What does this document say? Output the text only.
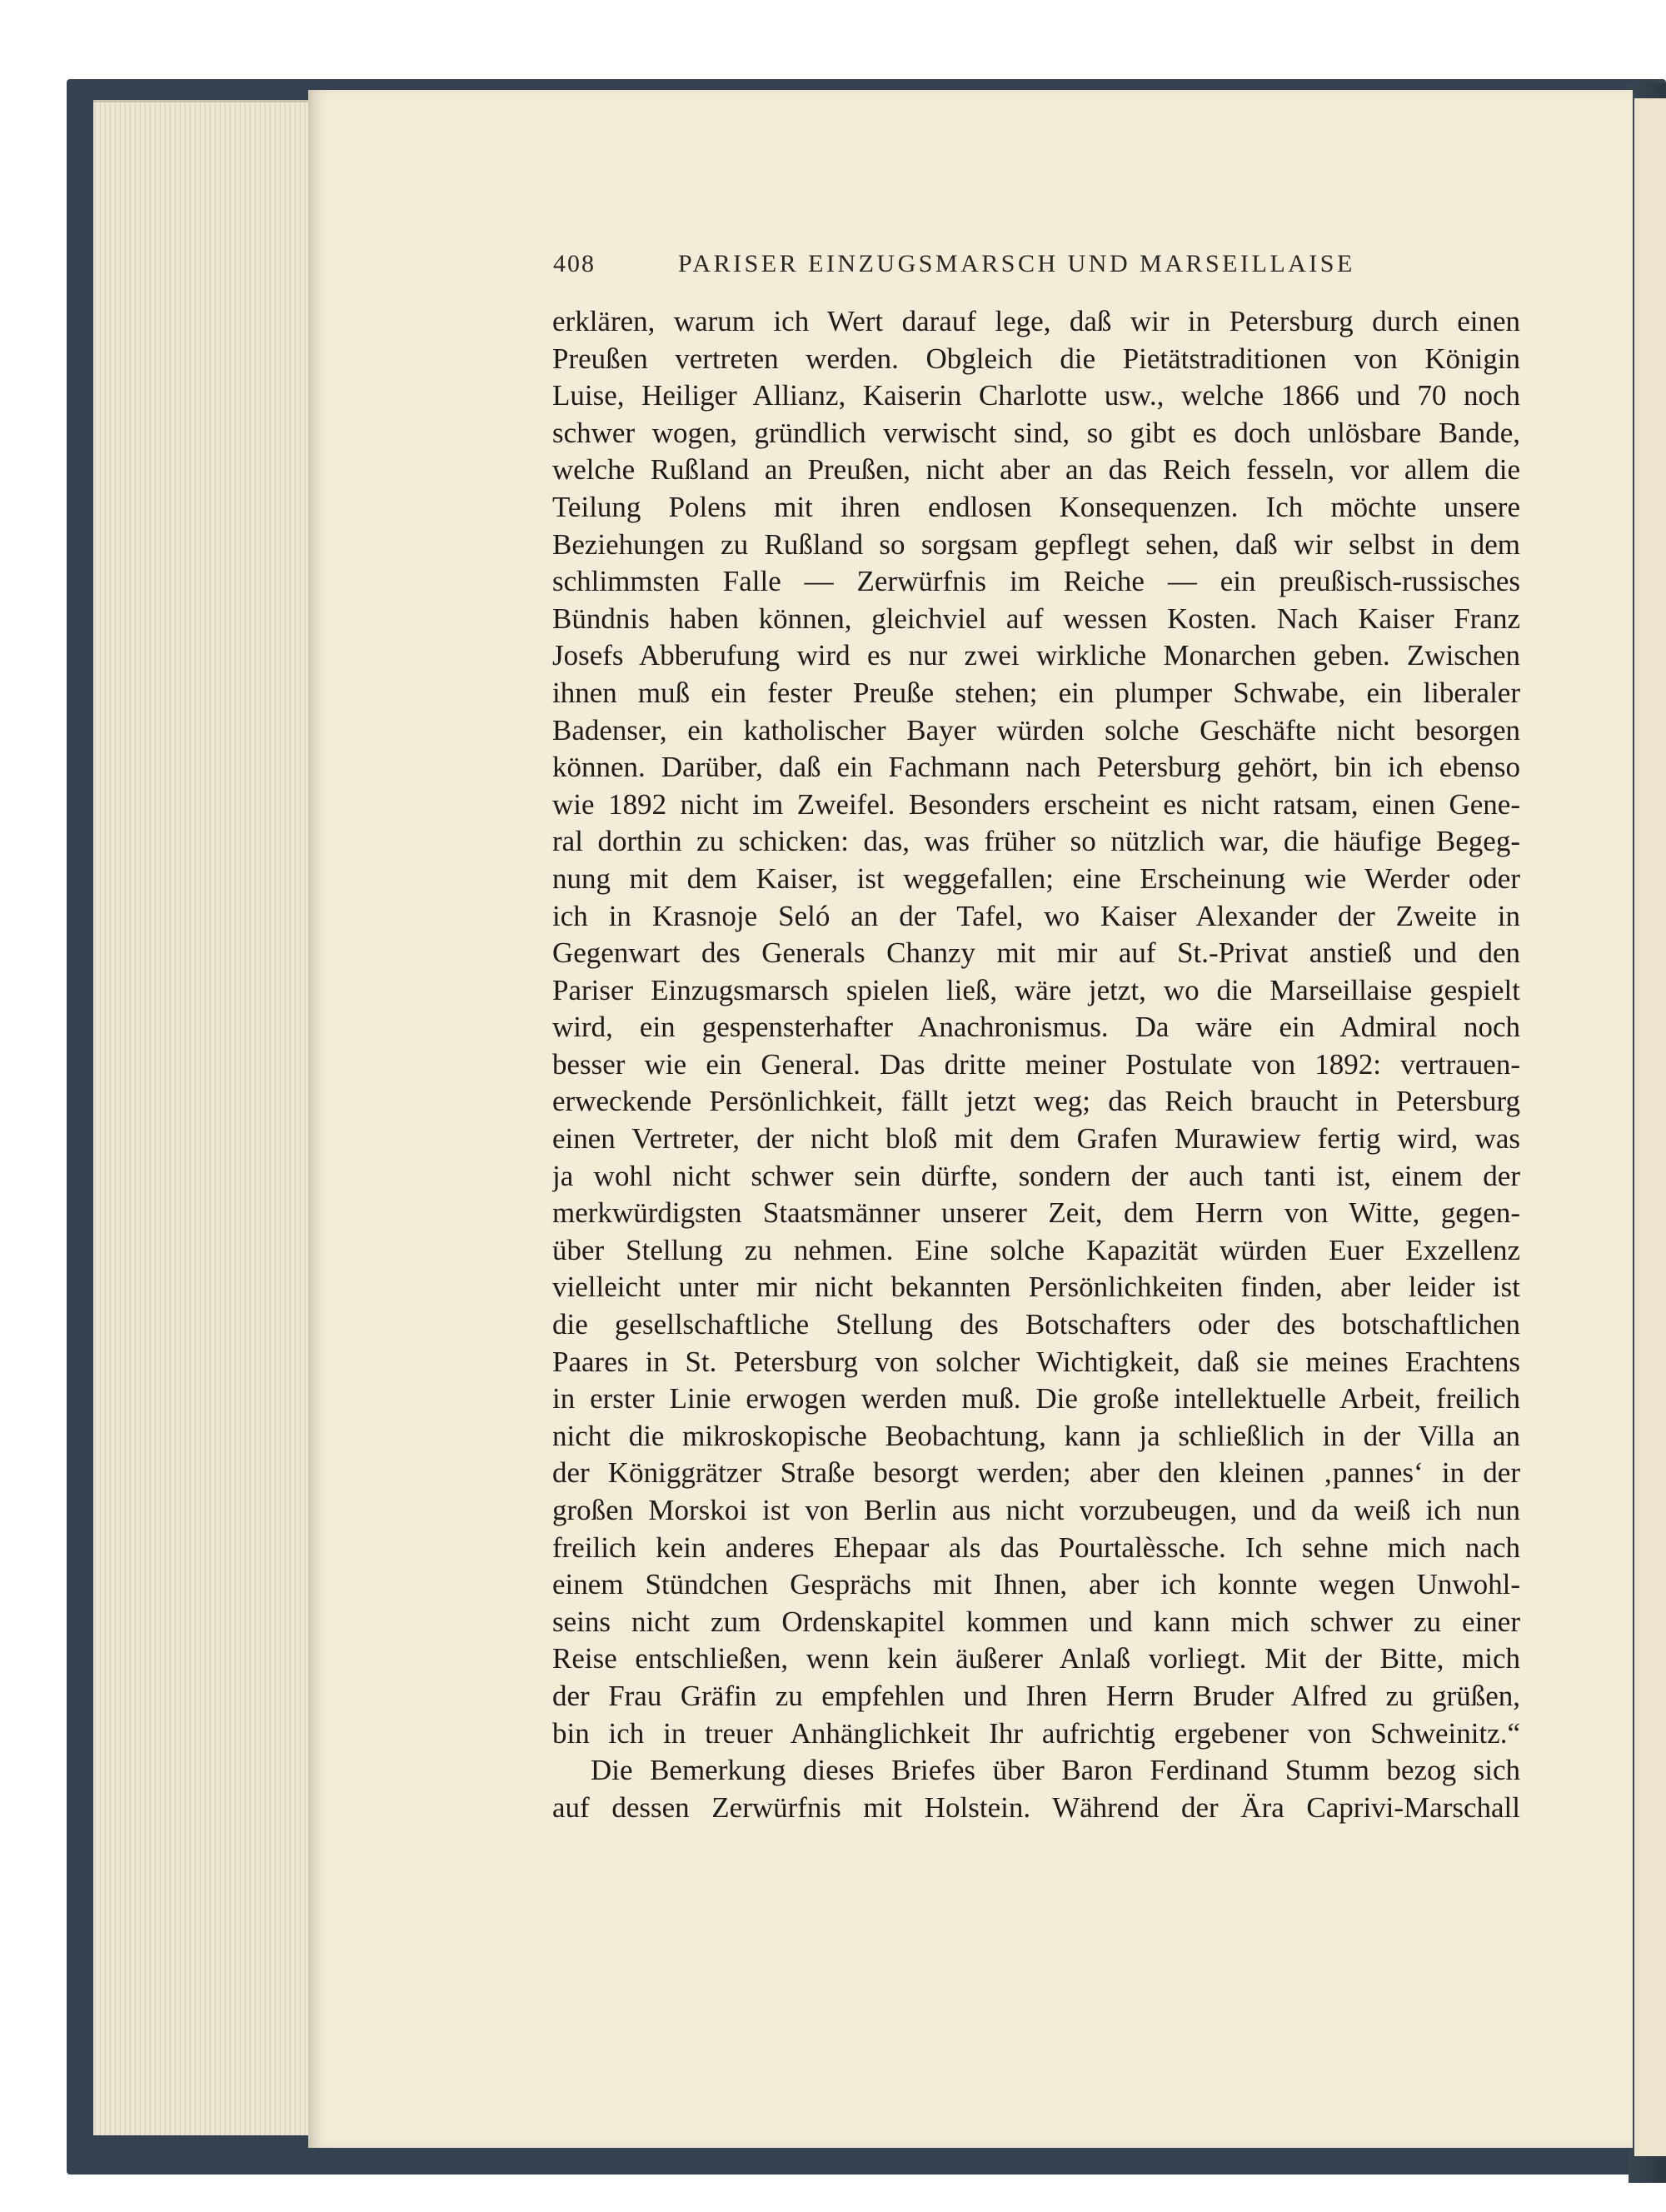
408	PARISER EINZUGSMARSCH UND MARSEILLAISE
erklären, warum ich Wert darauf lege, daß wir in Petersburg durch einen
Preußen vertreten werden. Obgleich die Pietätstraditionen von Königin
Luise, Heiliger Allianz, Kaiserin Charlotte usw., welche 1866 und 70 noch
schwer wogen, gründlich verwischt sind, so gibt es doch unlösbare Bande,
welche Rußland an Preußen, nicht aber an das Reich fesseln, vor allem die
Teilung Polens mit ihren endlosen Konsequenzen. Ich möchte unsere
Beziehungen zu Rußland so sorgsam gepflegt sehen, daß wir selbst in dem
schlimmsten Falle — Zerwürfnis im Reiche — ein preußisch-russisches
Bündnis haben können, gleichviel auf wessen Kosten. Nach Kaiser Franz
Josefs Abberufung wird es nur zwei wirkliche Monarchen geben. Zwischen
ihnen muß ein fester Preuße stehen; ein plumper Schwabe, ein liberaler
Badenser, ein katholischer Bayer würden solche Geschäfte nicht besorgen
können. Darüber, daß ein Fachmann nach Petersburg gehört, bin ich ebenso
wie 1892 nicht im Zweifel. Besonders erscheint es nicht ratsam, einen Gene-
ral dorthin zu schicken: das, was früher so nützlich war, die häufige Begeg-
nung mit dem Kaiser, ist weggefallen; eine Erscheinung wie Werder oder
ich in Krasnoje Seló an der Tafel, wo Kaiser Alexander der Zweite in
Gegenwart des Generals Chanzy mit mir auf St.-Privat anstieß und den
Pariser Einzugsmarsch spielen ließ, wäre jetzt, wo die Marseillaise gespielt
wird, ein gespensterhafter Anachronismus. Da wäre ein Admiral noch
besser wie ein General. Das dritte meiner Postulate von 1892: vertrauen-
erweckende Persönlichkeit, fällt jetzt weg; das Reich braucht in Petersburg
einen Vertreter, der nicht bloß mit dem Grafen Murawiew fertig wird, was
ja wohl nicht schwer sein dürfte, sondern der auch tanti ist, einem der
merkwürdigsten Staatsmänner unserer Zeit, dem Herrn von Witte, gegen-
über Stellung zu nehmen. Eine solche Kapazität würden Euer Exzellenz
vielleicht unter mir nicht bekannten Persönlichkeiten finden, aber leider ist
die gesellschaftliche Stellung des Botschafters oder des botschaftlichen
Paares in St. Petersburg von solcher Wichtigkeit, daß sie meines Erachtens
in erster Linie erwogen werden muß. Die große intellektuelle Arbeit, freilich
nicht die mikroskopische Beobachtung, kann ja schließlich in der Villa an
der Königgrätzer Straße besorgt werden; aber den kleinen ‚pannes‘ in der
großen Morskoi ist von Berlin aus nicht vorzubeugen, und da weiß ich nun
freilich kein anderes Ehepaar als das Pourtalèssche. Ich sehne mich nach
einem Stündchen Gesprächs mit Ihnen, aber ich konnte wegen Unwohl-
seins nicht zum Ordenskapitel kommen und kann mich schwer zu einer
Reise entschließen, wenn kein äußerer Anlaß vorliegt. Mit der Bitte, mich
der Frau Gräfin zu empfehlen und Ihren Herrn Bruder Alfred zu grüßen,
bin ich in treuer Anhänglichkeit Ihr aufrichtig ergebener von Schweinitz.“
Die Bemerkung dieses Briefes über Baron Ferdinand Stumm bezog sich
auf dessen Zerwürfnis mit Holstein. Während der Ära Caprivi-Marschall
